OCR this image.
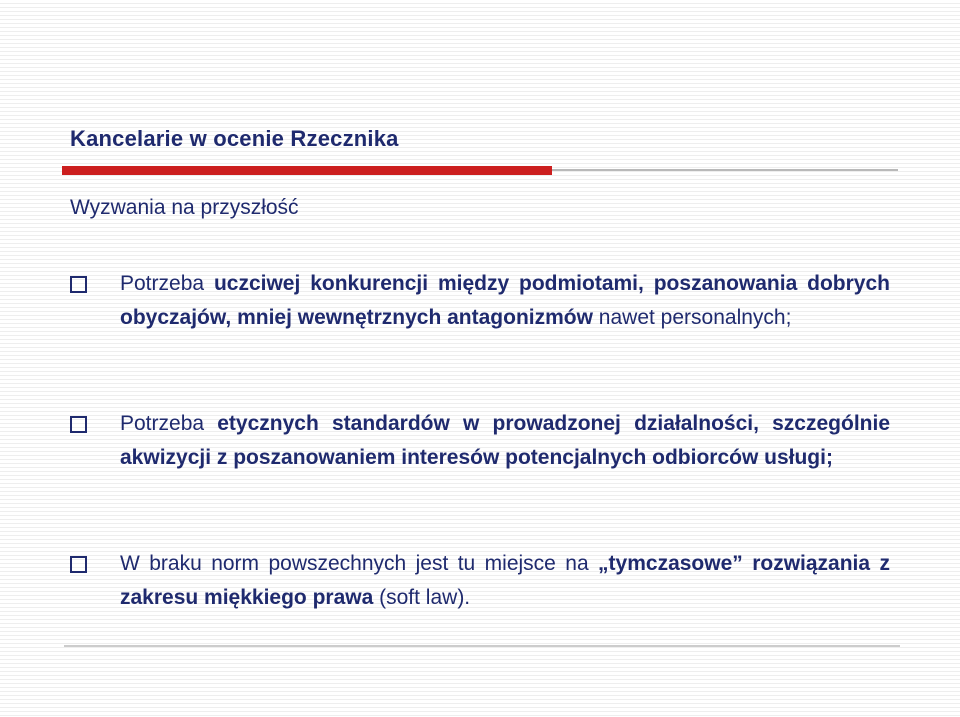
Kancelarie w ocenie Rzecznika
Wyzwania na przyszłość
Potrzeba uczciwej konkurencji między podmiotami, poszanowania dobrych obyczajów, mniej wewnętrznych antagonizmów nawet personalnych;
Potrzeba etycznych standardów w prowadzonej działalności, szczególnie akwizycji z poszanowaniem interesów potencjalnych odbiorców usługi;
W braku norm powszechnych jest tu miejsce na „tymczasowe” rozwiązania z zakresu miękkiego prawa (soft law).
